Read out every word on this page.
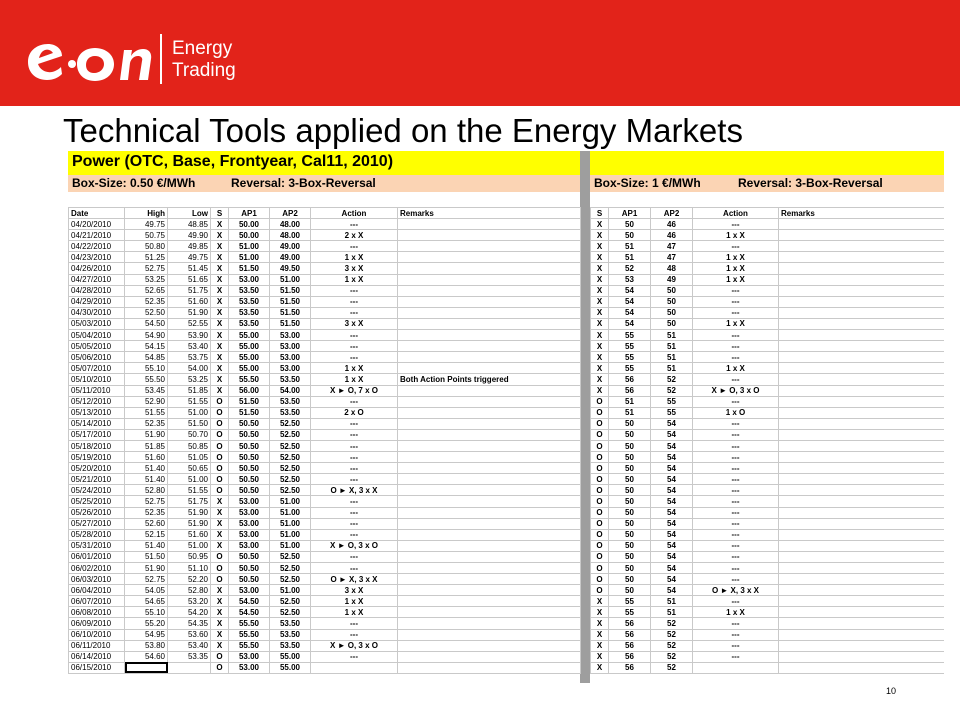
Energy
Trading
Technical Tools applied on the Energy Markets
Power (OTC, Base, Frontyear, Cal11, 2010)
Box-Size: 0.50 €/MWh	Reversal: 3-Box-Reversal	Box-Size: 1 €/MWh	Reversal: 3-Box-Reversal
Date	High	Low	S	AP1	AP2	Action	Remarks
04/20/2010	49.75	48.85	X	50.00	48.00	---	
04/21/2010	50.75	49.90	X	50.00	48.00	2 x X	
04/22/2010	50.80	49.85	X	51.00	49.00	---	
04/23/2010	51.25	49.75	X	51.00	49.00	1 x X	
04/26/2010	52.75	51.45	X	51.50	49.50	3 x X	
04/27/2010	53.25	51.65	X	53.00	51.00	1 x X	
04/28/2010	52.65	51.75	X	53.50	51.50	---	
04/29/2010	52.35	51.60	X	53.50	51.50	---	
04/30/2010	52.50	51.90	X	53.50	51.50	---	
05/03/2010	54.50	52.55	X	53.50	51.50	3 x X	
05/04/2010	54.90	53.90	X	55.00	53.00	---	
05/05/2010	54.15	53.40	X	55.00	53.00	---	
05/06/2010	54.85	53.75	X	55.00	53.00	---	
05/07/2010	55.10	54.00	X	55.00	53.00	1 x X	
05/10/2010	55.50	53.25	X	55.50	53.50	1 x X	Both Action Points triggered
05/11/2010	53.45	51.85	X	56.00	54.00	X ► O, 7 x O	
05/12/2010	52.90	51.55	O	51.50	53.50	---	
05/13/2010	51.55	51.00	O	51.50	53.50	2 x O	
05/14/2010	52.35	51.50	O	50.50	52.50	---	
05/17/2010	51.90	50.70	O	50.50	52.50	---	
05/18/2010	51.85	50.85	O	50.50	52.50	---	
05/19/2010	51.60	51.05	O	50.50	52.50	---	
05/20/2010	51.40	50.65	O	50.50	52.50	---	
05/21/2010	51.40	51.00	O	50.50	52.50	---	
05/24/2010	52.80	51.55	O	50.50	52.50	O ► X, 3 x X	
05/25/2010	52.75	51.75	X	53.00	51.00	---	
05/26/2010	52.35	51.90	X	53.00	51.00	---	
05/27/2010	52.60	51.90	X	53.00	51.00	---	
05/28/2010	52.15	51.60	X	53.00	51.00	---	
05/31/2010	51.40	51.00	X	53.00	51.00	X ► O, 3 x O	
06/01/2010	51.50	50.95	O	50.50	52.50	---	
06/02/2010	51.90	51.10	O	50.50	52.50	---	
06/03/2010	52.75	52.20	O	50.50	52.50	O ► X, 3 x X	
06/04/2010	54.05	52.80	X	53.00	51.00	3 x X	
06/07/2010	54.65	53.20	X	54.50	52.50	1 x X	
06/08/2010	55.10	54.20	X	54.50	52.50	1 x X	
06/09/2010	55.20	54.35	X	55.50	53.50	---	
06/10/2010	54.95	53.60	X	55.50	53.50	---	
06/11/2010	53.80	53.40	X	55.50	53.50	X ► O, 3 x O	
06/14/2010	54.60	53.35	O	53.00	55.00	---	
06/15/2010			O	53.00	55.00		
S	AP1	AP2	Action	Remarks
X	50	46	---	
X	50	46	1 x X	
X	51	47	---	
X	51	47	1 x X	
X	52	48	1 x X	
X	53	49	1 x X	
X	54	50	---	
X	54	50	---	
X	54	50	---	
X	54	50	1 x X	
X	55	51	---	
X	55	51	---	
X	55	51	---	
X	55	51	1 x X	
X	56	52	---	
X	56	52	X ► O, 3 x O	
O	51	55	---	
O	51	55	1 x O	
O	50	54	---	
O	50	54	---	
O	50	54	---	
O	50	54	---	
O	50	54	---	
O	50	54	---	
O	50	54	---	
O	50	54	---	
O	50	54	---	
O	50	54	---	
O	50	54	---	
O	50	54	---	
O	50	54	---	
O	50	54	---	
O	50	54	---	
O	50	54	O ► X, 3 x X	
X	55	51	---	
X	55	51	1 x X	
X	56	52	---	
X	56	52	---	
X	56	52	---	
X	56	52	---	
X	56	52		
10
